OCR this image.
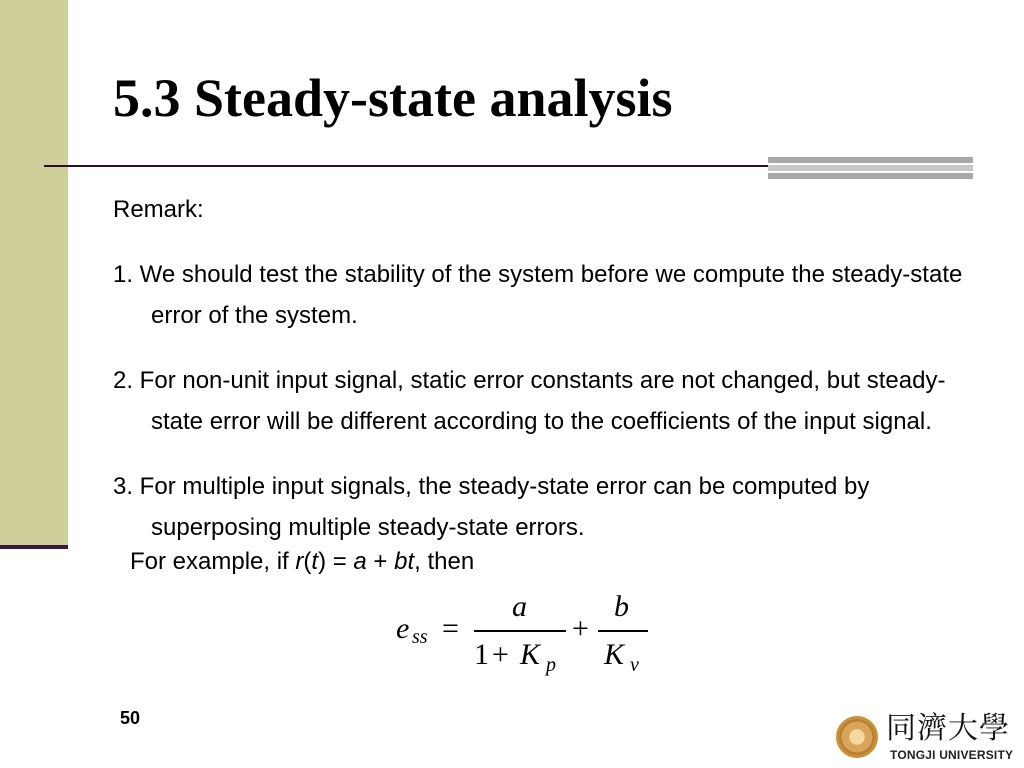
5.3 Steady-state analysis

Remark:

1. We should test the stability of the system before we compute the steady-state error of the system.

2. For non-unit input signal, static error constants are not changed, but steady-state error will be different according to the coefficients of the input signal.

3. For multiple input signals, the steady-state error can be computed by superposing multiple steady-state errors.

For example, if r(t) = a + bt, then
e ss =
a
1 + K p
+
b
K v
50	同濟大學
TONGJI UNIVERSITY
